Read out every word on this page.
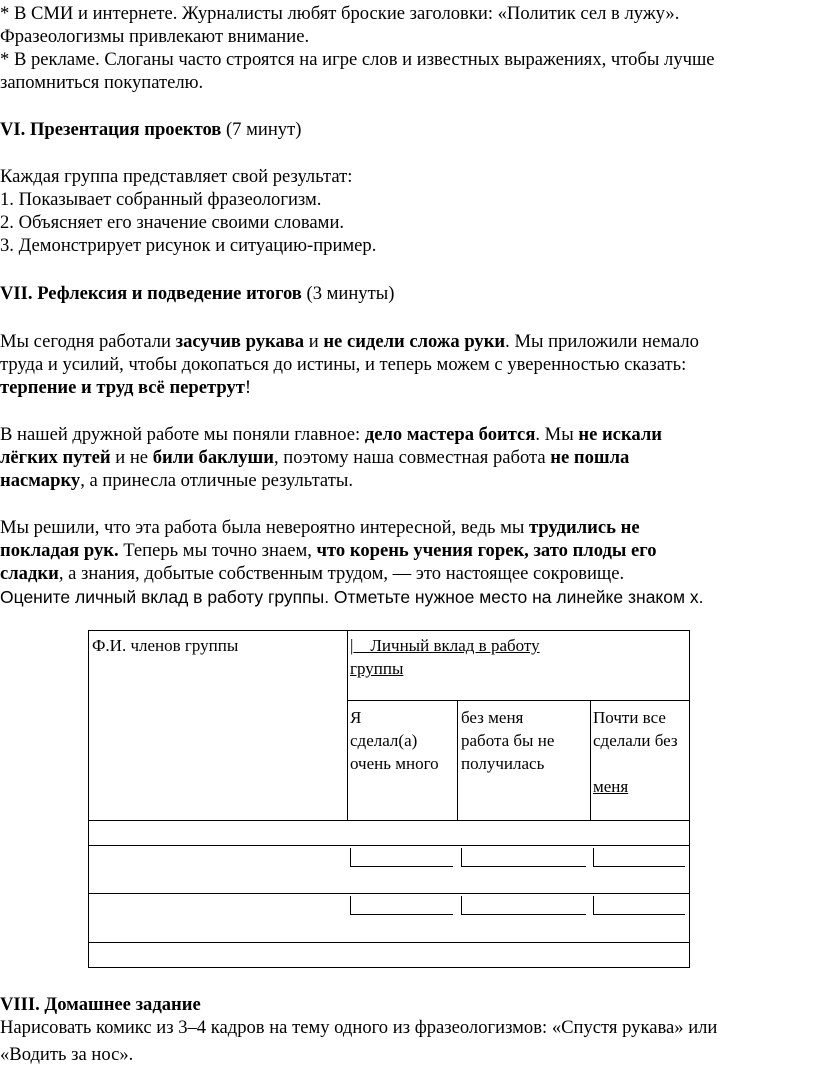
* В СМИ и интернете. Журналисты любят броские заголовки: «Политик сел в лужу».

Фразеологизмы привлекают внимание.

* В рекламе. Слоганы часто строятся на игре слов и известных выражениях, чтобы лучше

запомниться покупателю.

VI. Презентация проектов (7 минут)

Каждая группа представляет свой результат:

1. Показывает собранный фразеологизм.

2. Объясняет его значение своими словами.

3. Демонстрирует рисунок и ситуацию-пример.

VII. Рефлексия и подведение итогов (3 минуты)

Мы сегодня работали засучив рукава и не сидели сложа руки. Мы приложили немало

труда и усилий, чтобы докопаться до истины, и теперь можем с уверенностью сказать:

терпение и труд всё перетрут!

В нашей дружной работе мы поняли главное: дело мастера боится. Мы не искали

лёгких путей и не били баклуши, поэтому наша совместная работа не пошла

насмарку, а принесла отличные результаты.

Мы решили, что эта работа была невероятно интересной, ведь мы трудились не

покладая рук. Теперь мы точно знаем, что корень учения горек, зато плоды его

сладки, а знания, добытые собственным трудом, — это настоящее сокровище.

Оцените личный вклад в работу группы. Отметьте нужное место на линейке знаком х.

Ф.И. членов группы	|__Личный вклад в работу
группы
Я
сделал(а)
очень много
без меня
работа бы не
получилась
Почти все
сделали без

меня

VIII. Домашнее задание

Нарисовать комикс из 3–4 кадров на тему одного из фразеологизмов: «Спустя рукава» или

«Водить за нос».
